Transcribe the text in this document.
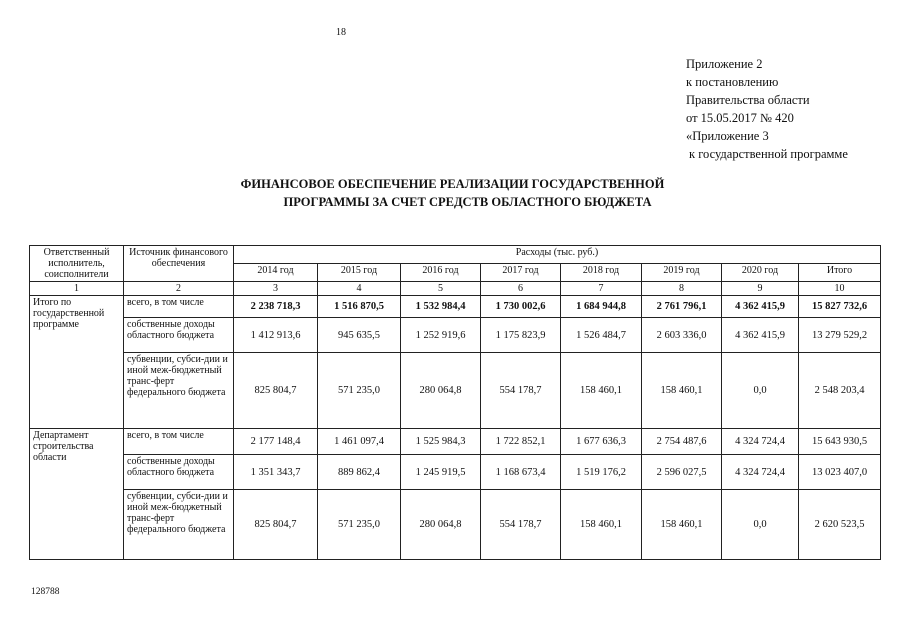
18
Приложение 2
к постановлению
Правительства области
от 15.05.2017 № 420
«Приложение 3
к государственной программе
ФИНАНСОВОЕ ОБЕСПЕЧЕНИЕ РЕАЛИЗАЦИИ ГОСУДАРСТВЕННОЙ
ПРОГРАММЫ ЗА СЧЕТ СРЕДСТВ ОБЛАСТНОГО БЮДЖЕТА
Ответственный исполнитель, соисполнители	Источник финансового обеспечения	Расходы (тыс. руб.)							
		2014 год	2015 год	2016 год	2017 год	2018 год	2019 год	2020 год	Итого
1	2	3	4	5	6	7	8	9	10
Итого по государственной программе	всего, в том числе	2 238 718,3	1 516 870,5	1 532 984,4	1 730 002,6	1 684 944,8	2 761 796,1	4 362 415,9	15 827 732,6
	собственные доходы областного бюджета	1 412 913,6	945 635,5	1 252 919,6	1 175 823,9	1 526 484,7	2 603 336,0	4 362 415,9	13 279 529,2
	субвенции, субси-дии и иной меж-бюджетный транс-ферт федерального бюджета	825 804,7	571 235,0	280 064,8	554 178,7	158 460,1	158 460,1	0,0	2 548 203,4
Департамент строительства области	всего, в том числе	2 177 148,4	1 461 097,4	1 525 984,3	1 722 852,1	1 677 636,3	2 754 487,6	4 324 724,4	15 643 930,5
	собственные доходы областного бюджета	1 351 343,7	889 862,4	1 245 919,5	1 168 673,4	1 519 176,2	2 596 027,5	4 324 724,4	13 023 407,0
	субвенции, субси-дии и иной меж-бюджетный транс-ферт федерального бюджета	825 804,7	571 235,0	280 064,8	554 178,7	158 460,1	158 460,1	0,0	2 620 523,5
128788
